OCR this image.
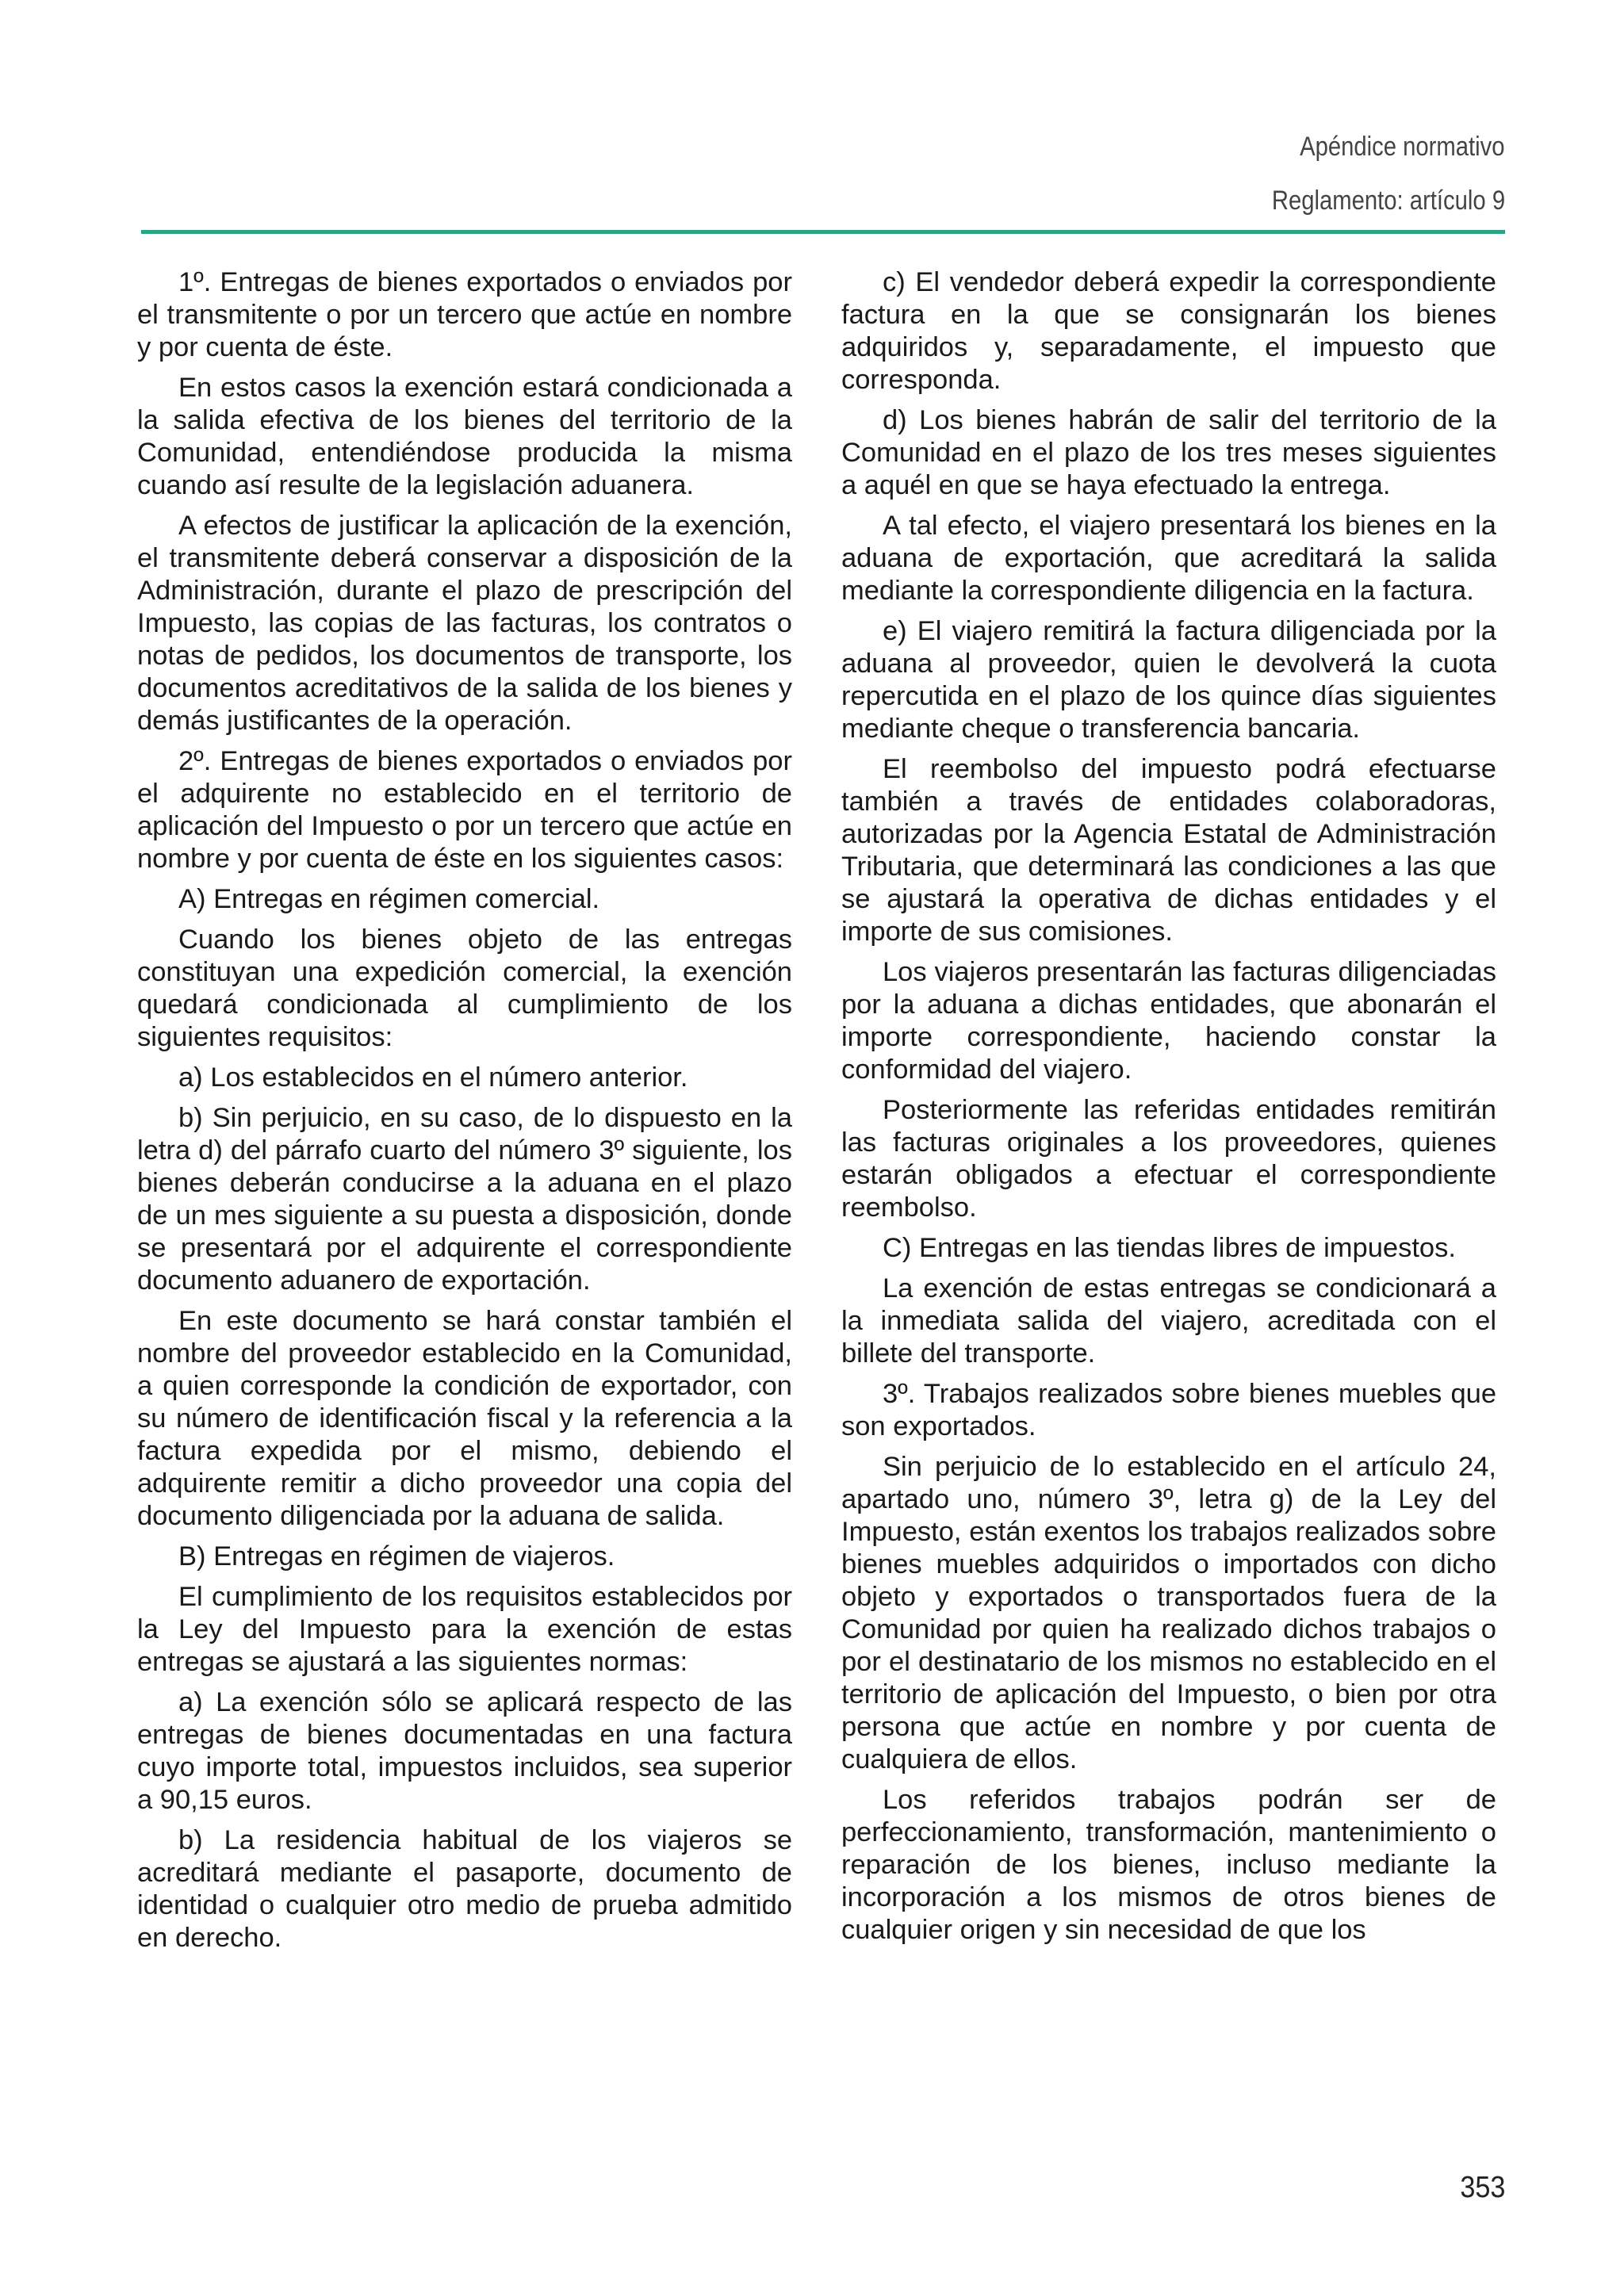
Apéndice normativo
Reglamento: artículo 9

1º. Entregas de bienes exportados o enviados por el transmitente o por un tercero que actúe en nombre y por cuenta de éste.

En estos casos la exención estará condicionada a la salida efectiva de los bienes del territorio de la Comunidad, entendiéndose producida la misma cuando así resulte de la legislación aduanera.

A efectos de justificar la aplicación de la exención, el transmitente deberá conservar a disposición de la Administración, durante el plazo de prescripción del Impuesto, las copias de las facturas, los contratos o notas de pedidos, los documentos de transporte, los documentos acreditativos de la salida de los bienes y demás justificantes de la operación.

2º. Entregas de bienes exportados o enviados por el adquirente no establecido en el territorio de aplicación del Impuesto o por un tercero que actúe en nombre y por cuenta de éste en los siguientes casos:

A) Entregas en régimen comercial.

Cuando los bienes objeto de las entregas constituyan una expedición comercial, la exención quedará condicionada al cumplimiento de los siguientes requisitos:

a) Los establecidos en el número anterior.

b) Sin perjuicio, en su caso, de lo dispuesto en la letra d) del párrafo cuarto del número 3º siguiente, los bienes deberán conducirse a la aduana en el plazo de un mes siguiente a su puesta a disposición, donde se presentará por el adquirente el correspondiente documento aduanero de exportación.

En este documento se hará constar también el nombre del proveedor establecido en la Comunidad, a quien corresponde la condición de exportador, con su número de identificación fiscal y la referencia a la factura expedida por el mismo, debiendo el adquirente remitir a dicho proveedor una copia del documento diligenciada por la aduana de salida.

B) Entregas en régimen de viajeros.

El cumplimiento de los requisitos establecidos por la Ley del Impuesto para la exención de estas entregas se ajustará a las siguientes normas:

a) La exención sólo se aplicará respecto de las entregas de bienes documentadas en una factura cuyo importe total, impuestos incluidos, sea superior a 90,15 euros.

b) La residencia habitual de los viajeros se acreditará mediante el pasaporte, documento de identidad o cualquier otro medio de prueba admitido en derecho.

c) El vendedor deberá expedir la correspondiente factura en la que se consignarán los bienes adquiridos y, separadamente, el impuesto que corresponda.

d) Los bienes habrán de salir del territorio de la Comunidad en el plazo de los tres meses siguientes a aquél en que se haya efectuado la entrega.

A tal efecto, el viajero presentará los bienes en la aduana de exportación, que acreditará la salida mediante la correspondiente diligencia en la factura.

e) El viajero remitirá la factura diligenciada por la aduana al proveedor, quien le devolverá la cuota repercutida en el plazo de los quince días siguientes mediante cheque o transferencia bancaria.

El reembolso del impuesto podrá efectuarse también a través de entidades colaboradoras, autorizadas por la Agencia Estatal de Administración Tributaria, que determinará las condiciones a las que se ajustará la operativa de dichas entidades y el importe de sus comisiones.

Los viajeros presentarán las facturas diligenciadas por la aduana a dichas entidades, que abonarán el importe correspondiente, haciendo constar la conformidad del viajero.

Posteriormente las referidas entidades remitirán las facturas originales a los proveedores, quienes estarán obligados a efectuar el correspondiente reembolso.

C) Entregas en las tiendas libres de impuestos.

La exención de estas entregas se condicionará a la inmediata salida del viajero, acreditada con el billete del transporte.

3º. Trabajos realizados sobre bienes muebles que son exportados.

Sin perjuicio de lo establecido en el artículo 24, apartado uno, número 3º, letra g) de la Ley del Impuesto, están exentos los trabajos realizados sobre bienes muebles adquiridos o importados con dicho objeto y exportados o transportados fuera de la Comunidad por quien ha realizado dichos trabajos o por el destinatario de los mismos no establecido en el territorio de aplicación del Impuesto, o bien por otra persona que actúe en nombre y por cuenta de cualquiera de ellos.

Los referidos trabajos podrán ser de perfeccionamiento, transformación, mantenimiento o reparación de los bienes, incluso mediante la incorporación a los mismos de otros bienes de cualquier origen y sin necesidad de que los

353
